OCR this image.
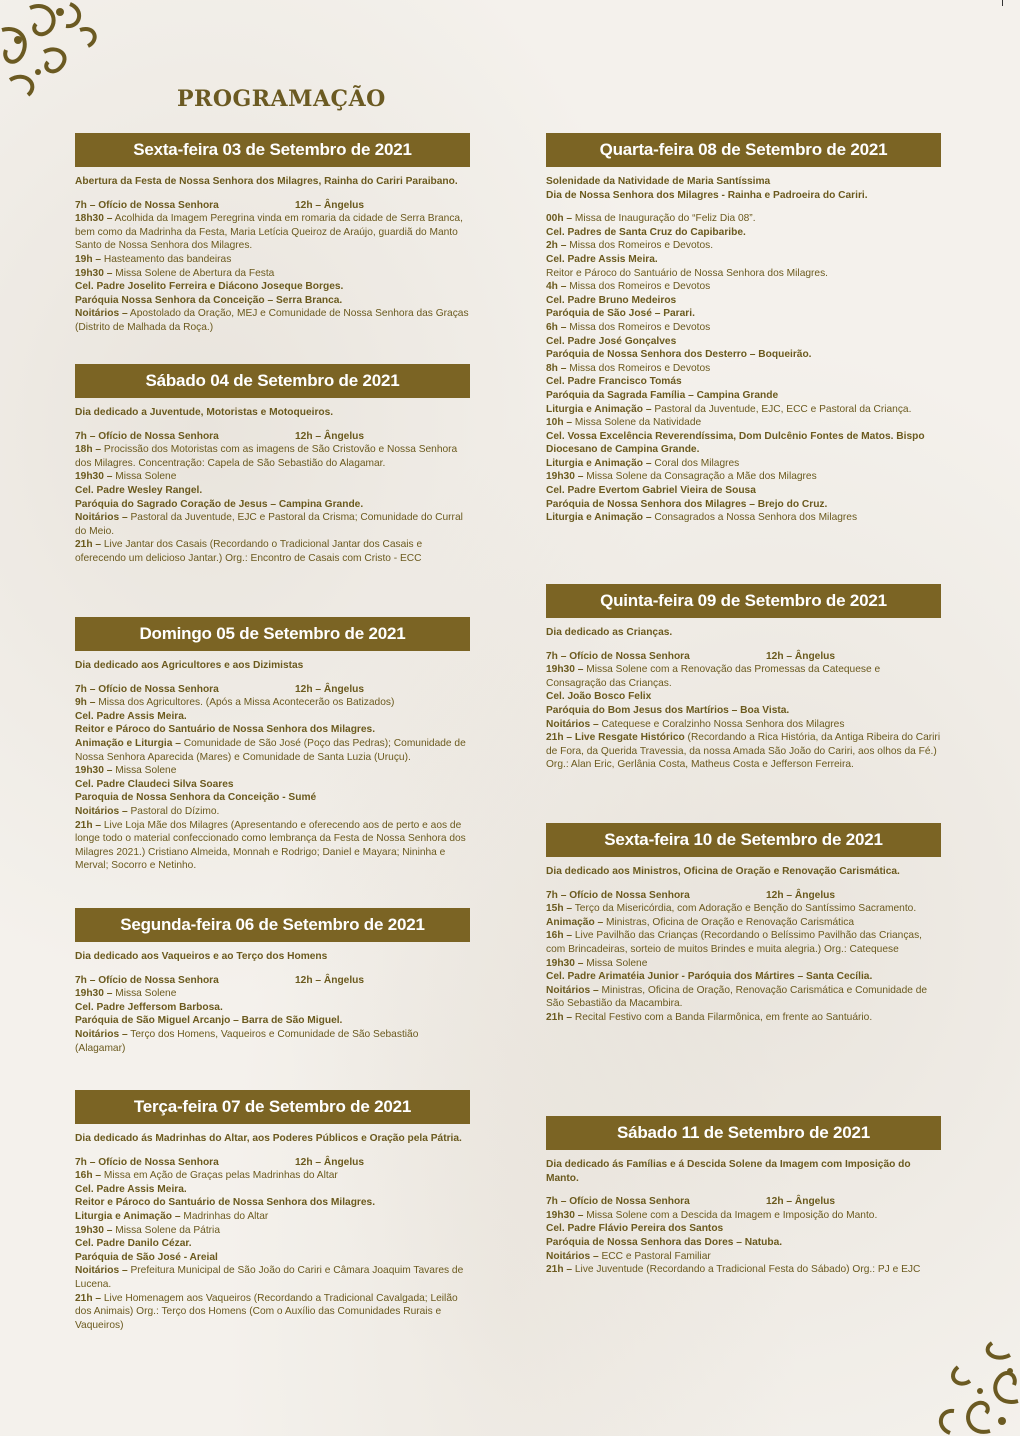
PROGRAMAÇÃO
Sexta-feira 03 de Setembro de 2021
Abertura da Festa de Nossa Senhora dos Milagres, Rainha do Cariri Paraibano.
7h – Ofício de Nossa Senhora	12h – Ângelus
18h30 – Acolhida da Imagem Peregrina vinda em romaria da cidade de Serra Branca, bem como da Madrinha da Festa, Maria Letícia Queiroz de Araújo, guardiã do Manto Santo de Nossa Senhora dos Milagres.
19h – Hasteamento das bandeiras
19h30 – Missa Solene de Abertura da Festa
Cel. Padre Joselito Ferreira e Diácono Joseque Borges.
Paróquia Nossa Senhora da Conceição – Serra Branca.
Noitários – Apostolado da Oração, MEJ e Comunidade de Nossa Senhora das Graças (Distrito de Malhada da Roça.)
Sábado 04 de Setembro de 2021
Dia dedicado a Juventude, Motoristas e Motoqueiros.
7h – Ofício de Nossa Senhora	12h – Ângelus
18h – Procissão dos Motoristas com as imagens de São Cristovão e Nossa Senhora dos Milagres. Concentração: Capela de São Sebastião do Alagamar.
19h30 – Missa Solene
Cel. Padre Wesley Rangel.
Paróquia do Sagrado Coração de Jesus – Campina Grande.
Noitários – Pastoral da Juventude, EJC e Pastoral da Crisma; Comunidade do Curral do Meio.
21h – Live Jantar dos Casais (Recordando o Tradicional Jantar dos Casais e oferecendo um delicioso Jantar.) Org.: Encontro de Casais com Cristo - ECC
Domingo 05 de Setembro de 2021
Dia dedicado aos Agricultores e aos Dizimistas
7h – Ofício de Nossa Senhora	12h – Ângelus
9h – Missa dos Agricultores. (Após a Missa Acontecerão os Batizados)
Cel. Padre Assis Meira.
Reitor e Pároco do Santuário de Nossa Senhora dos Milagres.
Animação e Liturgia – Comunidade de São José (Poço das Pedras); Comunidade de Nossa Senhora Aparecida (Mares) e Comunidade de Santa Luzia (Uruçu).
19h30 – Missa Solene
Cel. Padre Claudeci Silva Soares
Paroquia de Nossa Senhora da Conceição - Sumé
Noitários – Pastoral do Dízimo.
21h – Live Loja Mãe dos Milagres (Apresentando e oferecendo aos de perto e aos de longe todo o material confeccionado como lembrança da Festa de Nossa Senhora dos Milagres 2021.) Cristiano Almeida, Monnah e Rodrigo; Daniel e Mayara; Nininha e Merval; Socorro e Netinho.
Segunda-feira 06 de Setembro de 2021
Dia dedicado aos Vaqueiros e ao Terço dos Homens
7h – Ofício de Nossa Senhora	12h – Ângelus
19h30 – Missa Solene
Cel. Padre Jeffersom Barbosa.
Paróquia de São Miguel Arcanjo – Barra de São Miguel.
Noitários – Terço dos Homens, Vaqueiros e Comunidade de São Sebastião (Alagamar)
Terça-feira 07 de Setembro de 2021
Dia dedicado ás Madrinhas do Altar, aos Poderes Públicos e Oração pela Pátria.
7h – Ofício de Nossa Senhora	12h – Ângelus
16h – Missa em Ação de Graças pelas Madrinhas do Altar
Cel. Padre Assis Meira.
Reitor e Pároco do Santuário de Nossa Senhora dos Milagres.
Liturgia e Animação – Madrinhas do Altar
19h30 – Missa Solene da Pátria
Cel. Padre Danilo Cézar.
Paróquia de São José - Areial
Noitários – Prefeitura Municipal de São João do Cariri e Câmara Joaquim Tavares de Lucena.
21h – Live Homenagem aos Vaqueiros (Recordando a Tradicional Cavalgada; Leilão dos Animais) Org.: Terço dos Homens (Com o Auxílio das Comunidades Rurais e Vaqueiros)
Quarta-feira 08 de Setembro de 2021
Solenidade da Natividade de Maria Santíssima
Dia de Nossa Senhora dos Milagres - Rainha e Padroeira do Cariri.
00h – Missa de Inauguração do “Feliz Dia 08”.
Cel. Padres de Santa Cruz do Capibaribe.
2h – Missa dos Romeiros e Devotos.
Cel. Padre Assis Meira.
Reitor e Pároco do Santuário de Nossa Senhora dos Milagres.
4h – Missa dos Romeiros e Devotos
Cel. Padre Bruno Medeiros
Paróquia de São José – Parari.
6h – Missa dos Romeiros e Devotos
Cel. Padre José Gonçalves
Paróquia de Nossa Senhora dos Desterro – Boqueirão.
8h – Missa dos Romeiros e Devotos
Cel. Padre Francisco Tomás
Paróquia da Sagrada Família – Campina Grande
Liturgia e Animação – Pastoral da Juventude, EJC, ECC e Pastoral da Criança.
10h – Missa Solene da Natividade
Cel. Vossa Excelência Reverendíssima, Dom Dulcênio Fontes de Matos. Bispo Diocesano de Campina Grande.
Liturgia e Animação – Coral dos Milagres
19h30 – Missa Solene da Consagração a Mãe dos Milagres
Cel. Padre Evertom Gabriel Vieira de Sousa
Paróquia de Nossa Senhora dos Milagres – Brejo do Cruz.
Liturgia e Animação – Consagrados a Nossa Senhora dos Milagres
Quinta-feira 09 de Setembro de 2021
Dia dedicado as Crianças.
7h – Ofício de Nossa Senhora	12h – Ângelus
19h30 – Missa Solene com a Renovação das Promessas da Catequese e Consagração das Crianças.
Cel. João Bosco Felix
Paróquia do Bom Jesus dos Martírios – Boa Vista.
Noitários – Catequese e Coralzinho Nossa Senhora dos Milagres
21h – Live Resgate Histórico (Recordando a Rica História, da Antiga Ribeira do Cariri de Fora, da Querida Travessia, da nossa Amada São João do Cariri, aos olhos da Fé.) Org.: Alan Eric, Gerlânia Costa, Matheus Costa e Jefferson Ferreira.
Sexta-feira 10 de Setembro de 2021
Dia dedicado aos Ministros, Oficina de Oração e Renovação Carismática.
7h – Ofício de Nossa Senhora	12h – Ângelus
15h – Terço da Misericórdia, com Adoração e Benção do Santíssimo Sacramento.
Animação – Ministras, Oficina de Oração e Renovação Carismática
16h – Live Pavilhão das Crianças (Recordando o Belíssimo Pavilhão das Crianças, com Brincadeiras, sorteio de muitos Brindes e muita alegria.) Org.: Catequese
19h30 – Missa Solene
Cel. Padre Arimatéia Junior - Paróquia dos Mártires – Santa Cecília.
Noitários – Ministras, Oficina de Oração, Renovação Carismática e Comunidade de São Sebastião da Macambira.
21h – Recital Festivo com a Banda Filarmônica, em frente ao Santuário.
Sábado 11 de Setembro de 2021
Dia dedicado ás Famílias e á Descida Solene da Imagem com Imposição do Manto.
7h – Ofício de Nossa Senhora	12h – Ângelus
19h30 – Missa Solene com a Descida da Imagem e Imposição do Manto.
Cel. Padre Flávio Pereira dos Santos
Paróquia de Nossa Senhora das Dores – Natuba.
Noitários – ECC e Pastoral Familiar
21h – Live Juventude (Recordando a Tradicional Festa do Sábado) Org.: PJ e EJC
